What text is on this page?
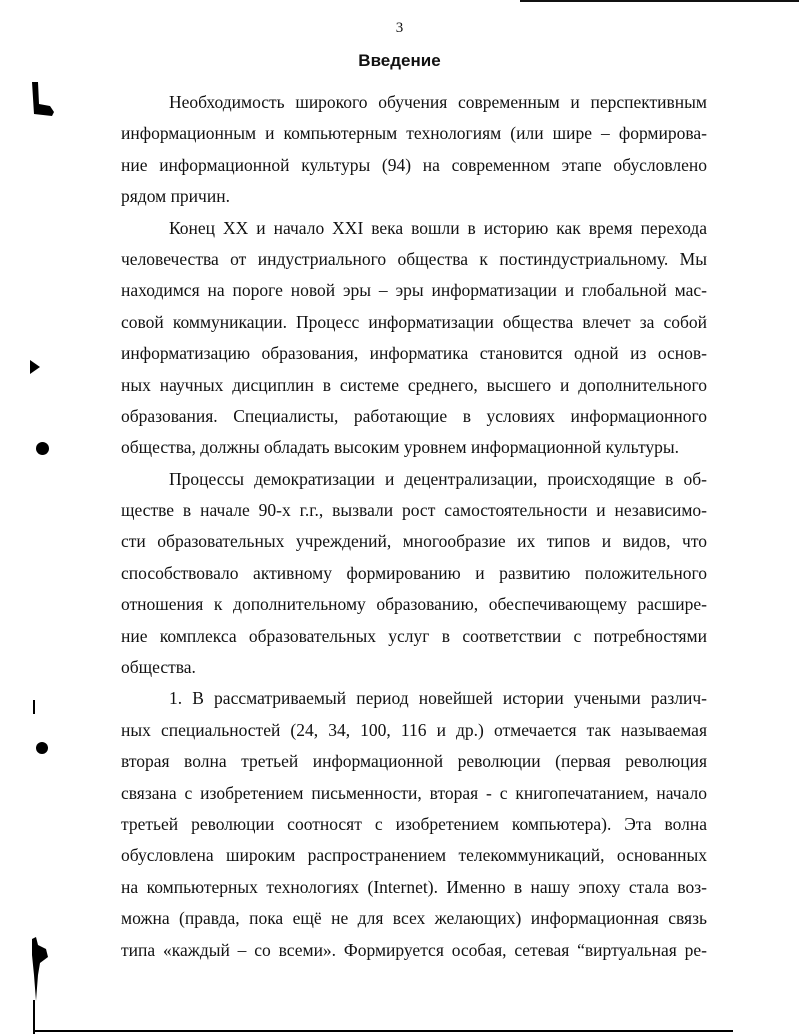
3
Введение
Необходимость широкого обучения современным и перспективным
информационным и компьютерным технологиям (или шире – формирова-
ние информационной культуры (94) на современном этапе обусловлено
рядом причин.
Конец XX и начало XXI века вошли в историю как время перехода
человечества от индустриального общества к постиндустриальному. Мы
находимся на пороге новой эры – эры информатизации и глобальной мас-
совой коммуникации. Процесс информатизации общества влечет за собой
информатизацию образования, информатика становится одной из основ-
ных научных дисциплин в системе среднего, высшего и дополнительного
образования. Специалисты, работающие в условиях информационного
общества, должны обладать высоким уровнем информационной культуры.
Процессы демократизации и децентрализации, происходящие в об-
ществе в начале 90-х г.г., вызвали рост самостоятельности и независимо-
сти образовательных учреждений, многообразие их типов и видов, что
способствовало активному формированию и развитию положительного
отношения к дополнительному образованию, обеспечивающему расшире-
ние комплекса образовательных услуг в соответствии с потребностями
общества.
1. В рассматриваемый период новейшей истории учеными различ-
ных специальностей (24, 34, 100, 116 и др.) отмечается так называемая
вторая волна третьей информационной революции (первая революция
связана с изобретением письменности, вторая - с книгопечатанием, начало
третьей революции соотносят с изобретением компьютера). Эта волна
обусловлена широким распространением телекоммуникаций, основанных
на компьютерных технологиях (Internet). Именно в нашу эпоху стала воз-
можна (правда, пока ещё не для всех желающих) информационная связь
типа «каждый – со всеми». Формируется особая, сетевая “виртуальная ре-
